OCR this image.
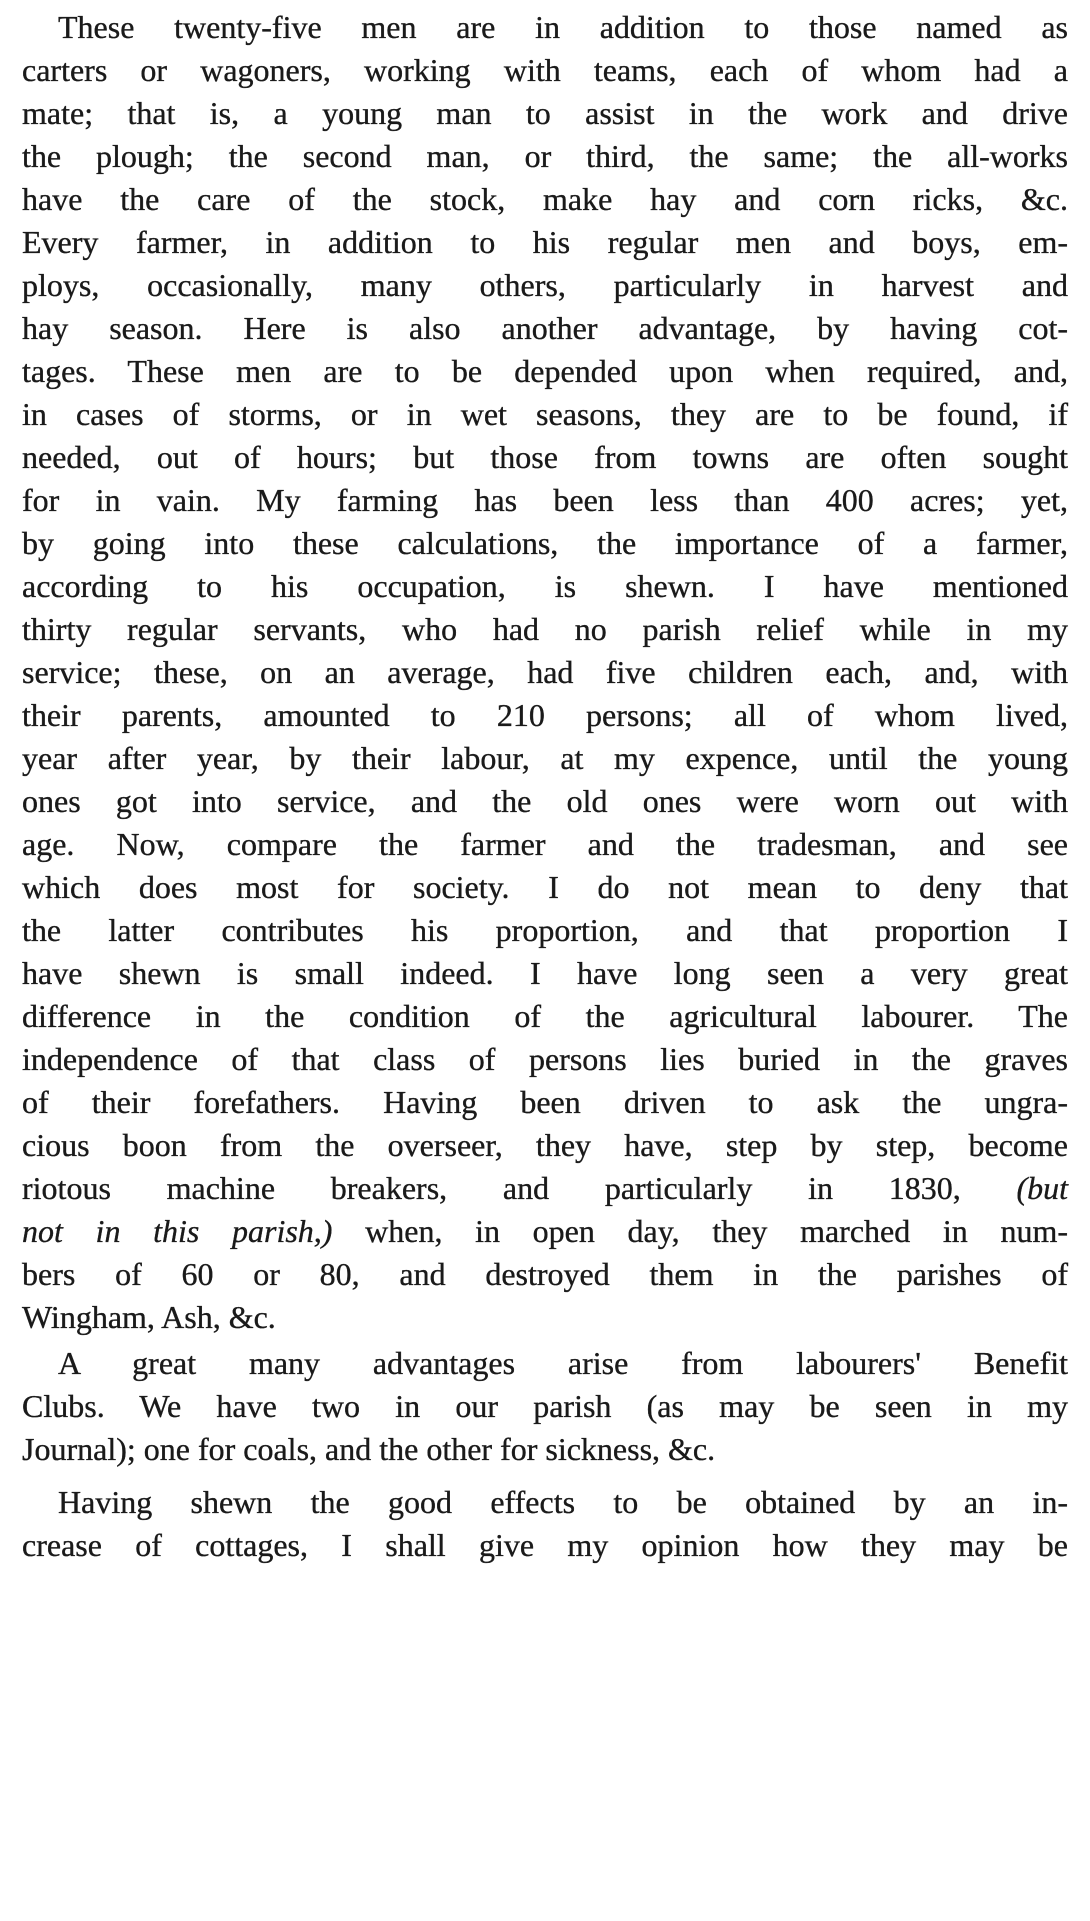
These twenty-five men are in addition to those named as
carters or wagoners, working with teams, each of whom had a
mate; that is, a young man to assist in the work and drive
the plough; the second man, or third, the same; the all-works
have the care of the stock, make hay and corn ricks, &c.
Every farmer, in addition to his regular men and boys, em-
ploys, occasionally, many others, particularly in harvest and
hay season. Here is also another advantage, by having cot-
tages. These men are to be depended upon when required, and,
in cases of storms, or in wet seasons, they are to be found, if
needed, out of hours; but those from towns are often sought
for in vain. My farming has been less than 400 acres; yet,
by going into these calculations, the importance of a farmer,
according to his occupation, is shewn. I have mentioned
thirty regular servants, who had no parish relief while in my
service; these, on an average, had five children each, and, with
their parents, amounted to 210 persons; all of whom lived,
year after year, by their labour, at my expence, until the young
ones got into service, and the old ones were worn out with
age. Now, compare the farmer and the tradesman, and see
which does most for society. I do not mean to deny that
the latter contributes his proportion, and that proportion I
have shewn is small indeed. I have long seen a very great
difference in the condition of the agricultural labourer. The
independence of that class of persons lies buried in the graves
of their forefathers. Having been driven to ask the ungra-
cious boon from the overseer, they have, step by step, become
riotous machine breakers, and particularly in 1830, (but
not in this parish,) when, in open day, they marched in num-
bers of 60 or 80, and destroyed them in the parishes of
Wingham, Ash, &c.
A great many advantages arise from labourers' Benefit
Clubs. We have two in our parish (as may be seen in my
Journal); one for coals, and the other for sickness, &c.
Having shewn the good effects to be obtained by an in-
crease of cottages, I shall give my opinion how they may be
